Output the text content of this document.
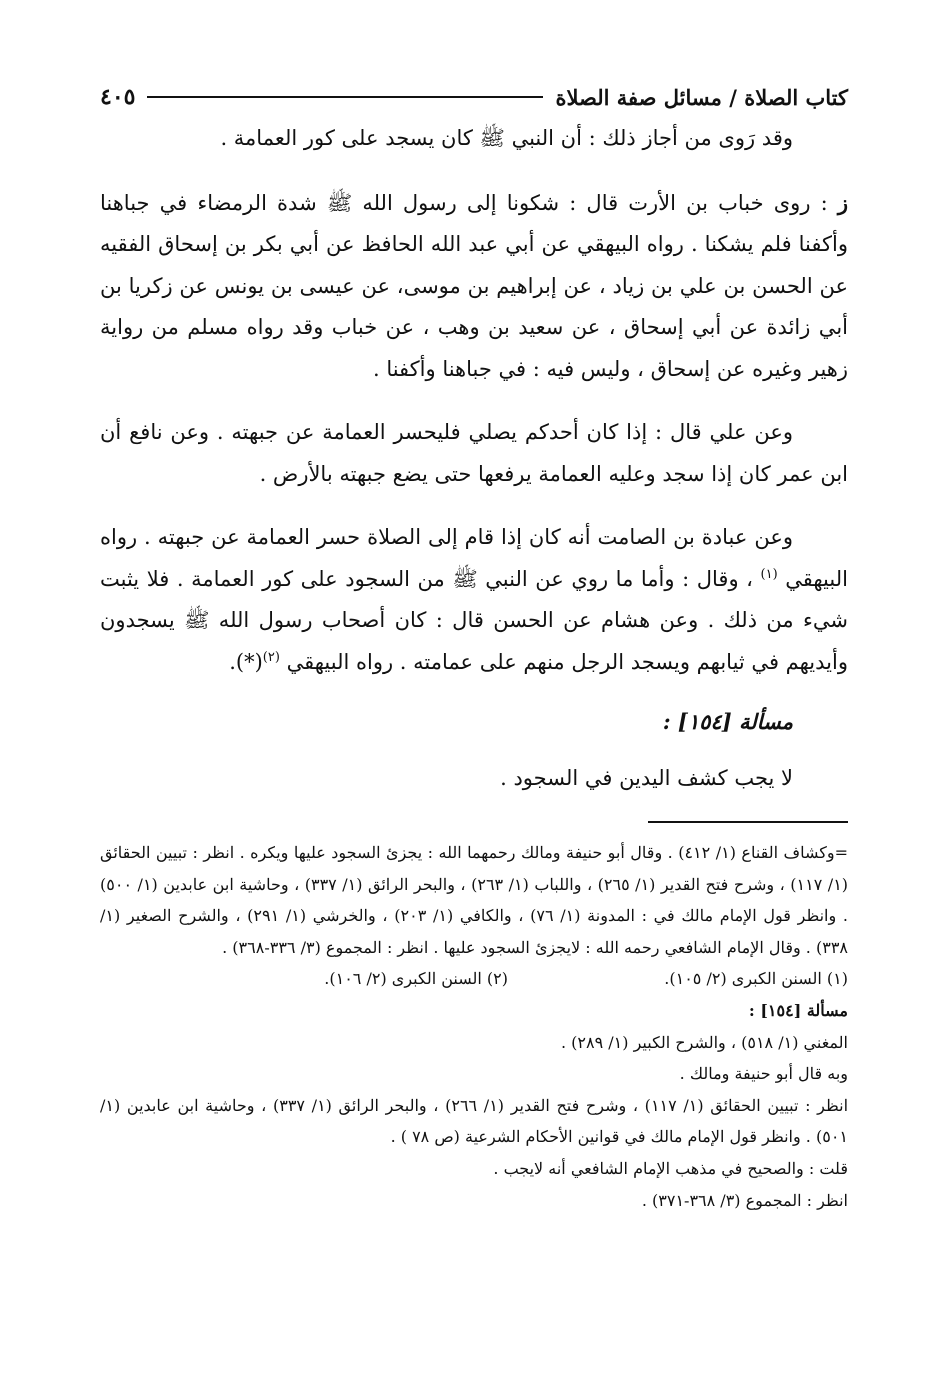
كتاب الصلاة / مسائل صفة الصلاة
٤٠٥

وقد رَوى من أجاز ذلك : أن النبي ﷺ كان يسجد على كور العمامة .

ز : روى خباب بن الأرت قال : شكونا إلى رسول الله ﷺ شدة الرمضاء في جباهنا وأكفنا فلم يشكنا . رواه البيهقي عن أبي عبد الله الحافظ عن أبي بكر بن إسحاق الفقيه عن الحسن بن علي بن زياد ، عن إبراهيم بن موسى، عن عيسى بن يونس عن زكريا بن أبي زائدة عن أبي إسحاق ، عن سعيد بن وهب ، عن خباب وقد رواه مسلم من رواية زهير وغيره عن إسحاق ، وليس فيه : في جباهنا وأكفنا .

وعن علي قال : إذا كان أحدكم يصلي فليحسر العمامة عن جبهته . وعن نافع أن ابن عمر كان إذا سجد وعليه العمامة يرفعها حتى يضع جبهته بالأرض .

وعن عبادة بن الصامت أنه كان إذا قام إلى الصلاة حسر العمامة عن جبهته . رواه البيهقي $^{(١)}$ ، وقال : وأما ما روي عن النبي ﷺ من السجود على كور العمامة . فلا يثبت شيء من ذلك . وعن هشام عن الحسن قال : كان أصحاب رسول الله ﷺ يسجدون وأيديهم في ثيابهم ويسجد الرجل منهم على عمامته . رواه البيهقي $^{(٢)}$(*).

مسألة [١٥٤] :
لا يجب كشف اليدين في السجود .

=وكشاف القناع (١/ ٤١٢) . وقال أبو حنيفة ومالك رحمهما الله : يجزئ السجود عليها ويكره . انظر : تبيين الحقائق (١/ ١١٧) ، وشرح فتح القدير (١/ ٢٦٥) ، واللباب (١/ ٢٦٣) ، والبحر الرائق (١/ ٣٣٧) ، وحاشية ابن عابدين (١/ ٥٠٠) . وانظر قول الإمام مالك في : المدونة (١/ ٧٦) ، والكافي (١/ ٢٠٣) ، والخرشي (١/ ٢٩١) ، والشرح الصغير (١/ ٣٣٨) . وقال الإمام الشافعي رحمه الله : لايجزئ السجود عليها . انظر : المجموع (٣/ ٣٣٦-٣٦٨) .

(١) السنن الكبرى (٢/ ١٠٥).
(٢) السنن الكبرى (٢/ ١٠٦).

مسألة [١٥٤] :

المغني (١/ ٥١٨) ، والشرح الكبير (١/ ٢٨٩) .

وبه قال أبو حنيفة ومالك .

انظر : تبيين الحقائق (١/ ١١٧) ، وشرح فتح القدير (١/ ٢٦٦) ، والبحر الرائق (١/ ٣٣٧) ، وحاشية ابن عابدين (١/ ٥٠١) . وانظر قول الإمام مالك في قوانين الأحكام الشرعية (ص ٧٨ ) .

قلت : والصحيح في مذهب الإمام الشافعي أنه لايجب .

انظر : المجموع (٣/ ٣٦٨-٣٧١) .
